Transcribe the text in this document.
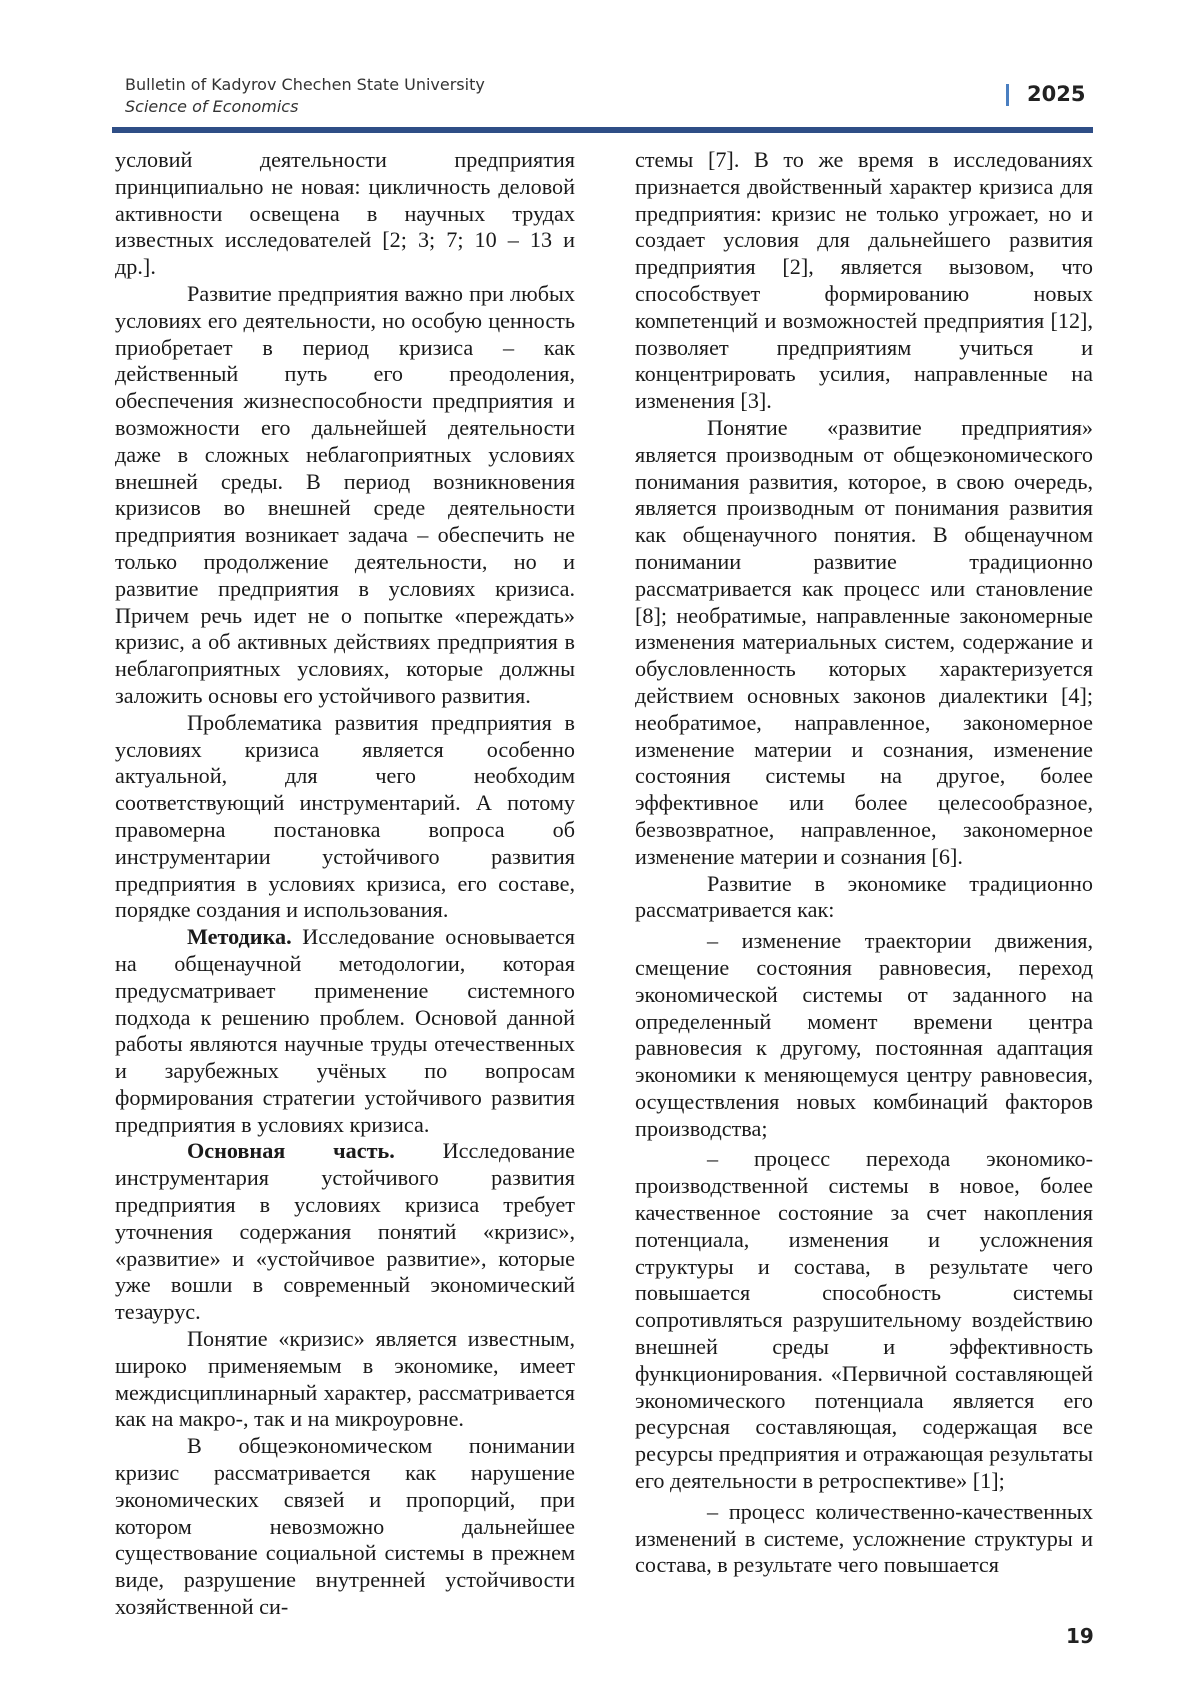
Bulletin of Kadyrov Chechen State University
Science of Economics
2025

условий деятельности предприятия принципиально не новая: цикличность деловой активности освещена в научных трудах известных исследователей [2; 3; 7; 10 – 13 и др.].

Развитие предприятия важно при любых условиях его деятельности, но особую ценность приобретает в период кризиса – как действенный путь его преодоления, обеспечения жизнеспособности предприятия и возможности его дальнейшей деятельности даже в сложных неблагоприятных условиях внешней среды. В период возникновения кризисов во внешней среде деятельности предприятия возникает задача – обеспечить не только продолжение деятельности, но и развитие предприятия в условиях кризиса. Причем речь идет не о попытке «переждать» кризис, а об активных действиях предприятия в неблагоприятных условиях, которые должны заложить основы его устойчивого развития.

Проблематика развития предприятия в условиях кризиса является особенно актуальной, для чего необходим соответствующий инструментарий. А потому правомерна постановка вопроса об инструментарии устойчивого развития предприятия в условиях кризиса, его составе, порядке создания и использования.

Методика. Исследование основывается на общенаучной методологии, которая предусматривает применение системного подхода к решению проблем. Основой данной работы являются научные труды отечественных и зарубежных учёных по вопросам формирования стратегии устойчивого развития предприятия в условиях кризиса.

Основная часть. Исследование инструментария устойчивого развития предприятия в условиях кризиса требует уточнения содержания понятий «кризис», «развитие» и «устойчивое развитие», которые уже вошли в современный экономический тезаурус.

Понятие «кризис» является известным, широко применяемым в экономике, имеет междисциплинарный характер, рассматривается как на макро-, так и на микроуровне.

В общеэкономическом понимании кризис рассматривается как нарушение экономических связей и пропорций, при котором невозможно дальнейшее существование социальной системы в прежнем виде, разрушение внутренней устойчивости хозяйственной си-

стемы [7]. В то же время в исследованиях признается двойственный характер кризиса для предприятия: кризис не только угрожает, но и создает условия для дальнейшего развития предприятия [2], является вызовом, что способствует формированию новых компетенций и возможностей предприятия [12], позволяет предприятиям учиться и концентрировать усилия, направленные на изменения [3].

Понятие «развитие предприятия» является производным от общеэкономического понимания развития, которое, в свою очередь, является производным от понимания развития как общенаучного понятия. В общенаучном понимании развитие традиционно рассматривается как процесс или становление [8]; необратимые, направленные закономерные изменения материальных систем, содержание и обусловленность которых характеризуется действием основных законов диалектики [4]; необратимое, направленное, закономерное изменение материи и сознания, изменение состояния системы на другое, более эффективное или более целесообразное, безвозвратное, направленное, закономерное изменение материи и сознания [6].

Развитие в экономике традиционно рассматривается как:

– изменение траектории движения, смещение состояния равновесия, переход экономической системы от заданного на определенный момент времени центра равновесия к другому, постоянная адаптация экономики к меняющемуся центру равновесия, осуществления новых комбинаций факторов производства;

– процесс перехода экономико-производственной системы в новое, более качественное состояние за счет накопления потенциала, изменения и усложнения структуры и состава, в результате чего повышается способность системы сопротивляться разрушительному воздействию внешней среды и эффективность функционирования. «Первичной составляющей экономического потенциала является его ресурсная составляющая, содержащая все ресурсы предприятия и отражающая результаты его деятельности в ретроспективе» [1];

– процесс количественно-качественных изменений в системе, усложнение структуры и состава, в результате чего повышается

19
